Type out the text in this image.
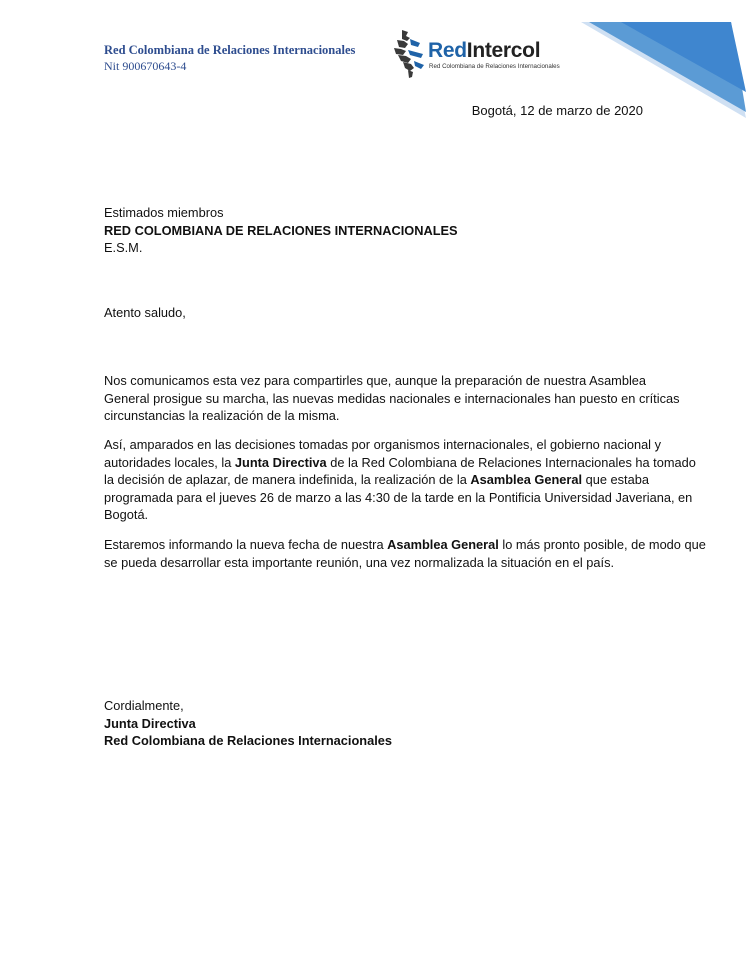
Red Colombiana de Relaciones Internacionales
Nit 900670643-4
RedIntercol
Red Colombiana de Relaciones Internacionales
Bogotá, 12 de marzo de 2020
Estimados miembros
RED COLOMBIANA DE RELACIONES INTERNACIONALES
E.S.M.
Atento saludo,
Nos comunicamos esta vez para compartirles que, aunque la preparación de nuestra Asamblea
General prosigue su marcha, las nuevas medidas nacionales e internacionales han puesto en críticas
circunstancias la realización de la misma.
Así, amparados en las decisiones tomadas por organismos internacionales, el gobierno nacional y
autoridades locales, la Junta Directiva de la Red Colombiana de Relaciones Internacionales ha tomado
la decisión de aplazar, de manera indefinida, la realización de la Asamblea General que estaba
programada para el jueves 26 de marzo a las 4:30 de la tarde en la Pontificia Universidad Javeriana, en
Bogotá.
Estaremos informando la nueva fecha de nuestra Asamblea General lo más pronto posible, de modo que
se pueda desarrollar esta importante reunión, una vez normalizada la situación en el país.
Cordialmente,
Junta Directiva
Red Colombiana de Relaciones Internacionales
